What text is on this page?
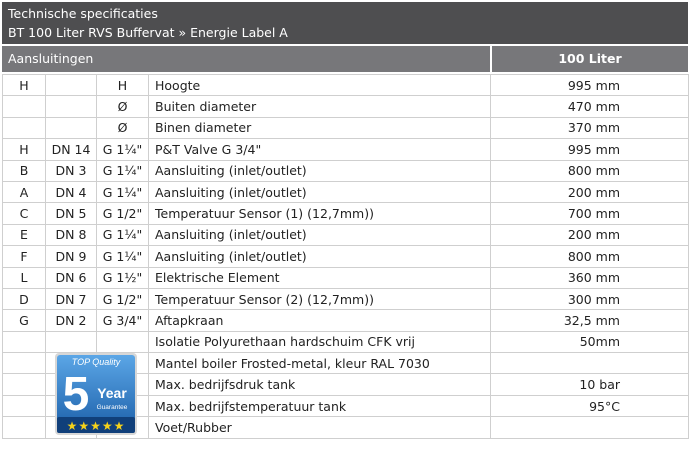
Technische specificaties
BT 100 Liter RVS Buffervat » Energie Label A
Aansluitingen	100 Liter
H		H	Hoogte	995 mm
		Ø	Buiten diameter	470 mm
		Ø	Binen diameter	370 mm
H	DN 14	G 1¼"	P&T Valve G 3/4"	995 mm
B	DN 3	G 1¼"	Aansluiting (inlet/outlet)	800 mm
A	DN 4	G 1¼"	Aansluiting (inlet/outlet)	200 mm
C	DN 5	G 1/2"	Temperatuur Sensor (1) (12,7mm))	700 mm
E	DN 8	G 1¼"	Aansluiting (inlet/outlet)	200 mm
F	DN 9	G 1¼"	Aansluiting (inlet/outlet)	800 mm
L	DN 6	G 1½"	Elektrische Element	360 mm
D	DN 7	G 1/2"	Temperatuur Sensor (2) (12,7mm))	300 mm
G	DN 2	G 3/4"	Aftapkraan	32,5 mm
			Isolatie Polyurethaan hardschuim CFK vrij	50mm
			Mantel boiler Frosted-metal, kleur RAL 7030	
			Max. bedrijfsdruk tank	10 bar
			Max. bedrijfstemperatuur tank	95°C
			Voet/Rubber	
TOP Quality
5 Year
Guarantee
★★★★★
